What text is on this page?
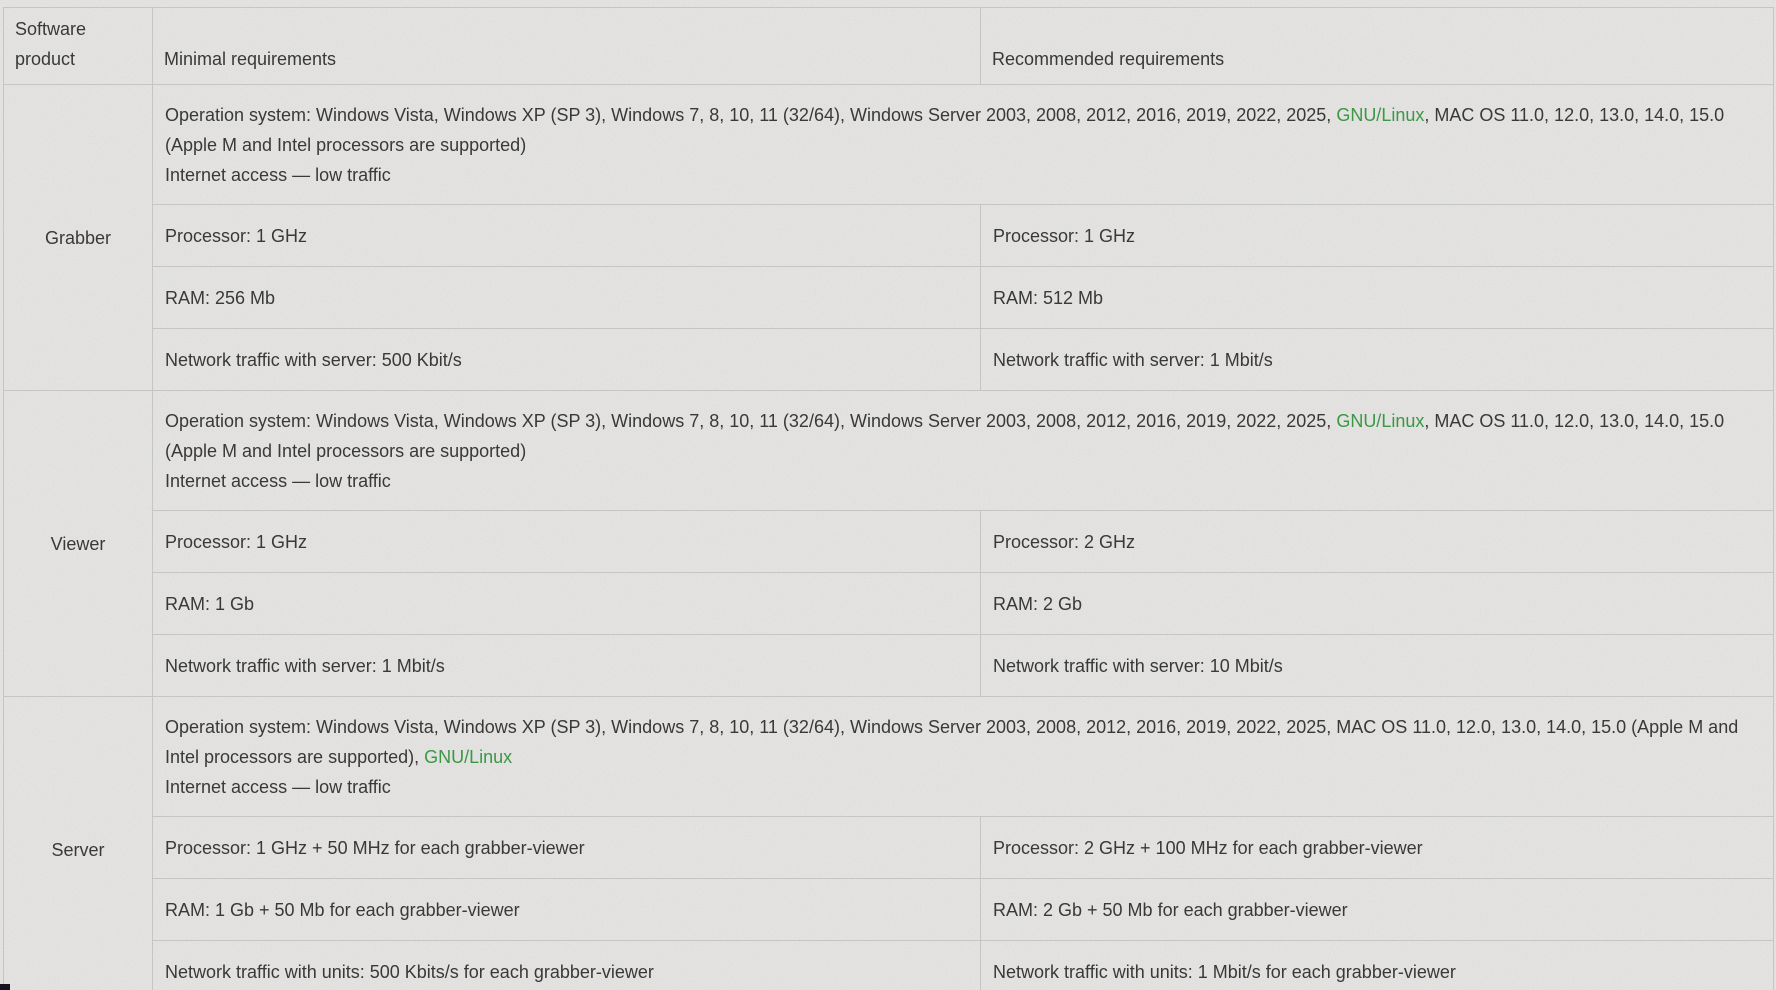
Software product	Minimal requirements	Recommended requirements
Grabber	Operation system: Windows Vista, Windows XP (SP 3), Windows 7, 8, 10, 11 (32/64), Windows Server 2003, 2008, 2012, 2016, 2019, 2022, 2025, GNU/Linux, MAC OS 11.0, 12.0, 13.0, 14.0, 15.0 (Apple M and Intel processors are supported)
Internet access — low traffic	
	Processor: 1 GHz	Processor: 1 GHz
	RAM: 256 Mb	RAM: 512 Mb
	Network traffic with server: 500 Kbit/s	Network traffic with server: 1 Mbit/s
Viewer	Operation system: Windows Vista, Windows XP (SP 3), Windows 7, 8, 10, 11 (32/64), Windows Server 2003, 2008, 2012, 2016, 2019, 2022, 2025, GNU/Linux, MAC OS 11.0, 12.0, 13.0, 14.0, 15.0 (Apple M and Intel processors are supported)
Internet access — low traffic	
	Processor: 1 GHz	Processor: 2 GHz
	RAM: 1 Gb	RAM: 2 Gb
	Network traffic with server: 1 Mbit/s	Network traffic with server: 10 Mbit/s
Server	Operation system: Windows Vista, Windows XP (SP 3), Windows 7, 8, 10, 11 (32/64), Windows Server 2003, 2008, 2012, 2016, 2019, 2022, 2025, MAC OS 11.0, 12.0, 13.0, 14.0, 15.0 (Apple M and Intel processors are supported), GNU/Linux
Internet access — low traffic	
	Processor: 1 GHz + 50 MHz for each grabber-viewer	Processor: 2 GHz + 100 MHz for each grabber-viewer
	RAM: 1 Gb + 50 Mb for each grabber-viewer	RAM: 2 Gb + 50 Mb for each grabber-viewer
	Network traffic with units: 500 Kbits/s for each grabber-viewer	Network traffic with units: 1 Mbit/s for each grabber-viewer
